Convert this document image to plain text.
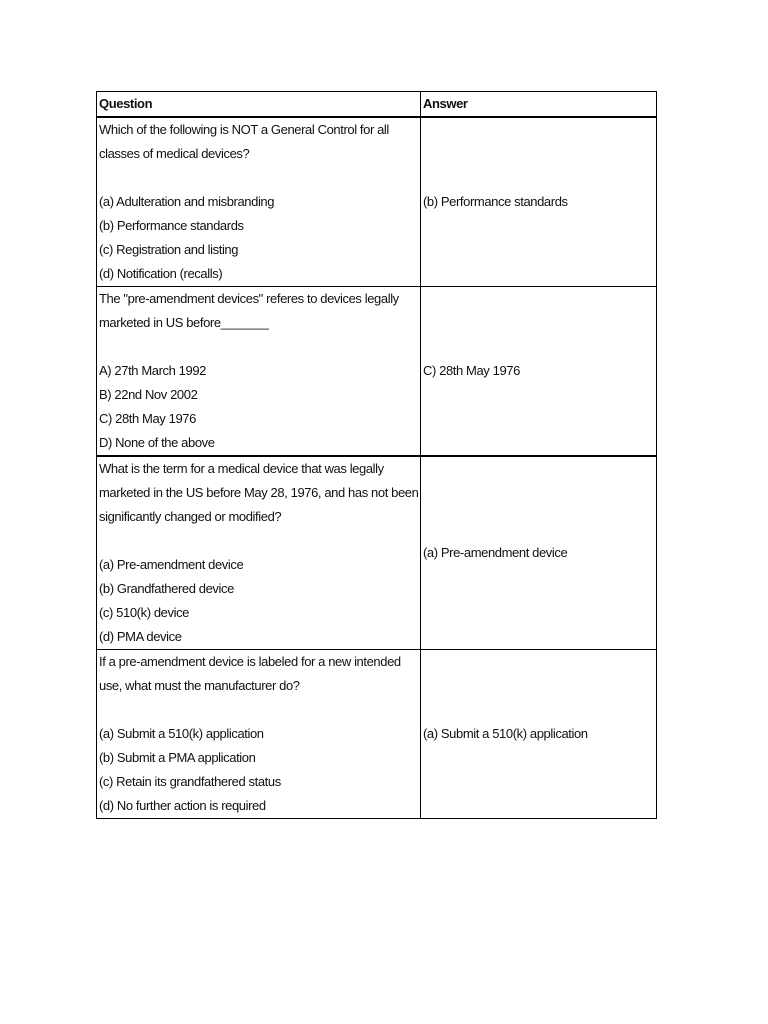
Question	Answer

Which of the following is NOT a General Control for all classes of medical devices?
(a) Adulteration and misbranding
(b) Performance standards
(c) Registration and listing
(d) Notification (recalls)	(b) Performance standards

The "pre-amendment devices" referes to devices legally marketed in US before_______
A) 27th March 1992
B) 22nd Nov 2002
C) 28th May 1976
D) None of the above	C) 28th May 1976

What is the term for a medical device that was legally marketed in the US before May 28, 1976, and has not been significantly changed or modified?
(a) Pre-amendment device
(b) Grandfathered device
(c) 510(k) device
(d) PMA device	(a) Pre-amendment device

If a pre-amendment device is labeled for a new intended use, what must the manufacturer do?
(a) Submit a 510(k) application
(b) Submit a PMA application
(c) Retain its grandfathered status
(d) No further action is required	(a) Submit a 510(k) application
